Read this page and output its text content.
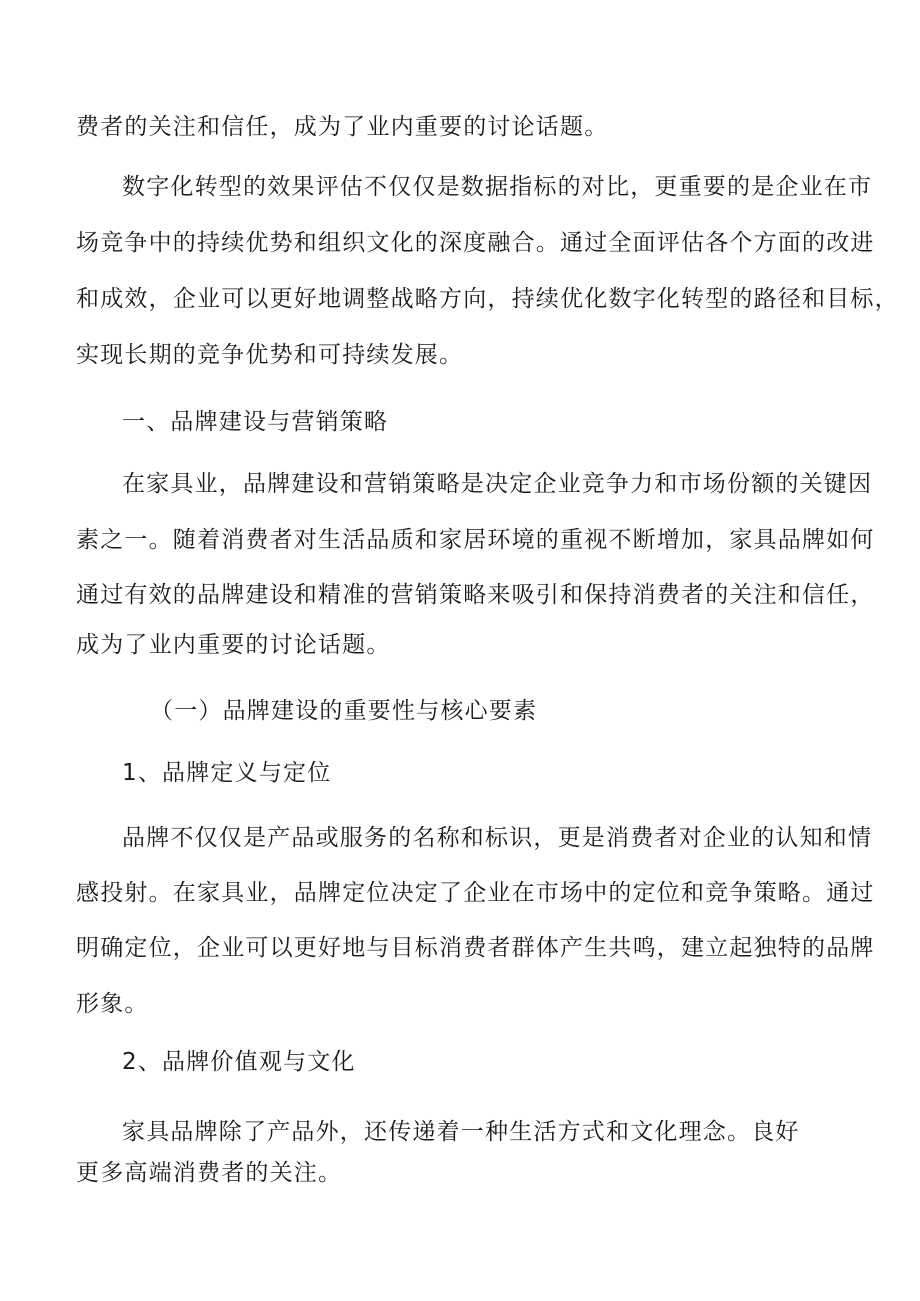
费者的关注和信任，成为了业内重要的讨论话题。
数字化转型的效果评估不仅仅是数据指标的对比，更重要的是企业在市
场竞争中的持续优势和组织文化的深度融合。通过全面评估各个方面的改进
和成效，企业可以更好地调整战略方向，持续优化数字化转型的路径和目标，
实现长期的竞争优势和可持续发展。
一、品牌建设与营销策略
在家具业，品牌建设和营销策略是决定企业竞争力和市场份额的关键因
素之一。随着消费者对生活品质和家居环境的重视不断增加，家具品牌如何
通过有效的品牌建设和精准的营销策略来吸引和保持消费者的关注和信任，
成为了业内重要的讨论话题。
（一）品牌建设的重要性与核心要素
1、品牌定义与定位
品牌不仅仅是产品或服务的名称和标识，更是消费者对企业的认知和情
感投射。在家具业，品牌定位决定了企业在市场中的定位和竞争策略。通过
明确定位，企业可以更好地与目标消费者群体产生共鸣，建立起独特的品牌
形象。
2、品牌价值观与文化
家具品牌除了产品外，还传递着一种生活方式和文化理念。良好
更多高端消费者的关注。
